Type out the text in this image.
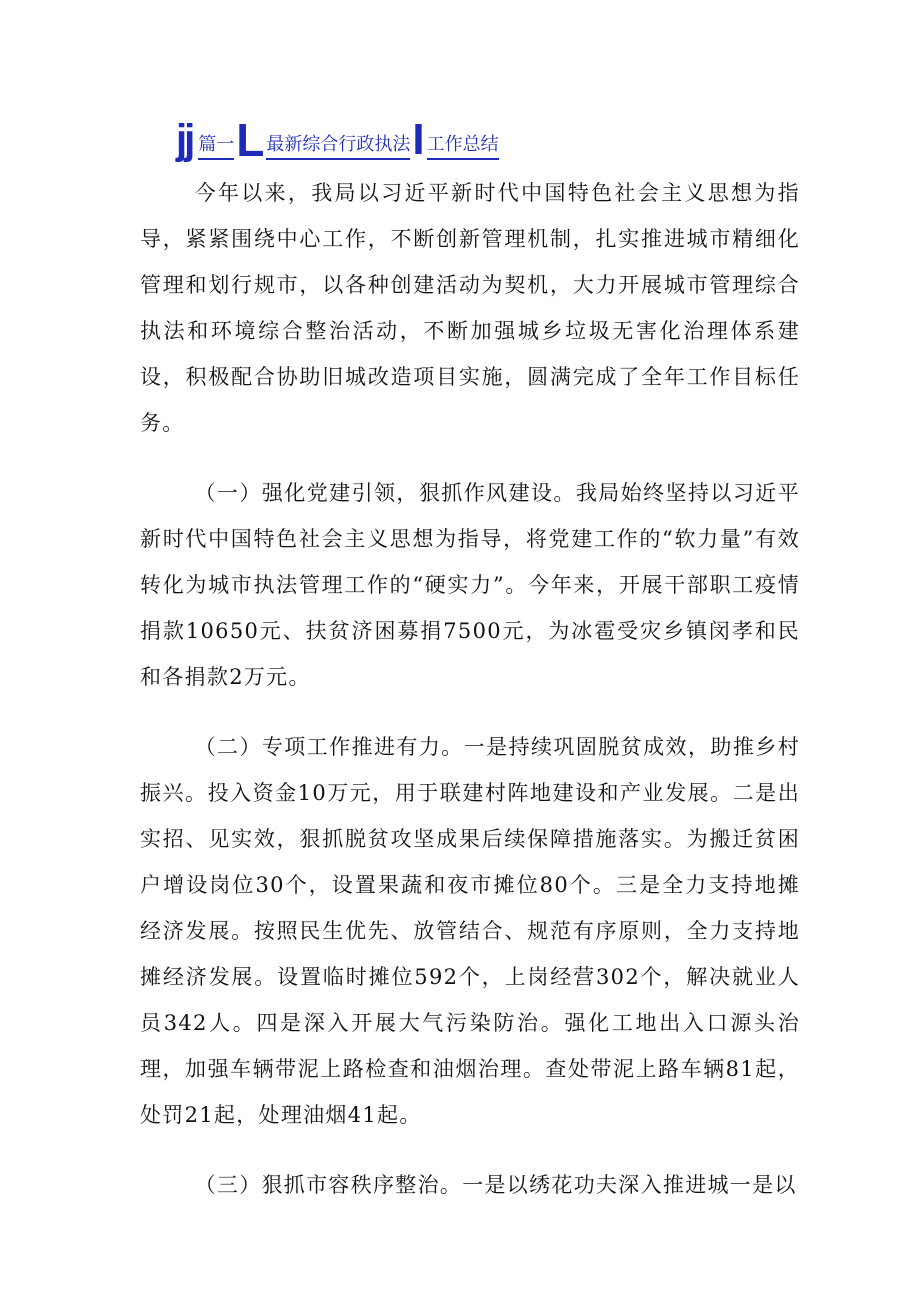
jj 篇一 L 最新综合行政执法 I 工作总结

今年以来，我局以习近平新时代中国特色社会主义思想为指导，紧紧围绕中心工作，不断创新管理机制，扎实推进城市精细化管理和划行规市，以各种创建活动为契机，大力开展城市管理综合执法和环境综合整治活动，不断加强城乡垃圾无害化治理体系建设，积极配合协助旧城改造项目实施，圆满完成了全年工作目标任务。

（一）强化党建引领，狠抓作风建设。我局始终坚持以习近平新时代中国特色社会主义思想为指导，将党建工作的“软力量”有效转化为城市执法管理工作的“硬实力”。今年来，开展干部职工疫情捐款10650元、扶贫济困募捐7500元，为冰雹受灾乡镇闵孝和民和各捐款2万元。

（二）专项工作推进有力。一是持续巩固脱贫成效，助推乡村振兴。投入资金10万元，用于联建村阵地建设和产业发展。二是出实招、见实效，狠抓脱贫攻坚成果后续保障措施落实。为搬迁贫困户增设岗位30个，设置果蔬和夜市摊位80个。三是全力支持地摊经济发展。按照民生优先、放管结合、规范有序原则，全力支持地摊经济发展。设置临时摊位592个，上岗经营302个，解决就业人员342人。四是深入开展大气污染防治。强化工地出入口源头治理，加强车辆带泥上路检查和油烟治理。查处带泥上路车辆81起，处罚21起，处理油烟41起。

（三）狠抓市容秩序整治。一是以绣花功夫深入推进城一是以
